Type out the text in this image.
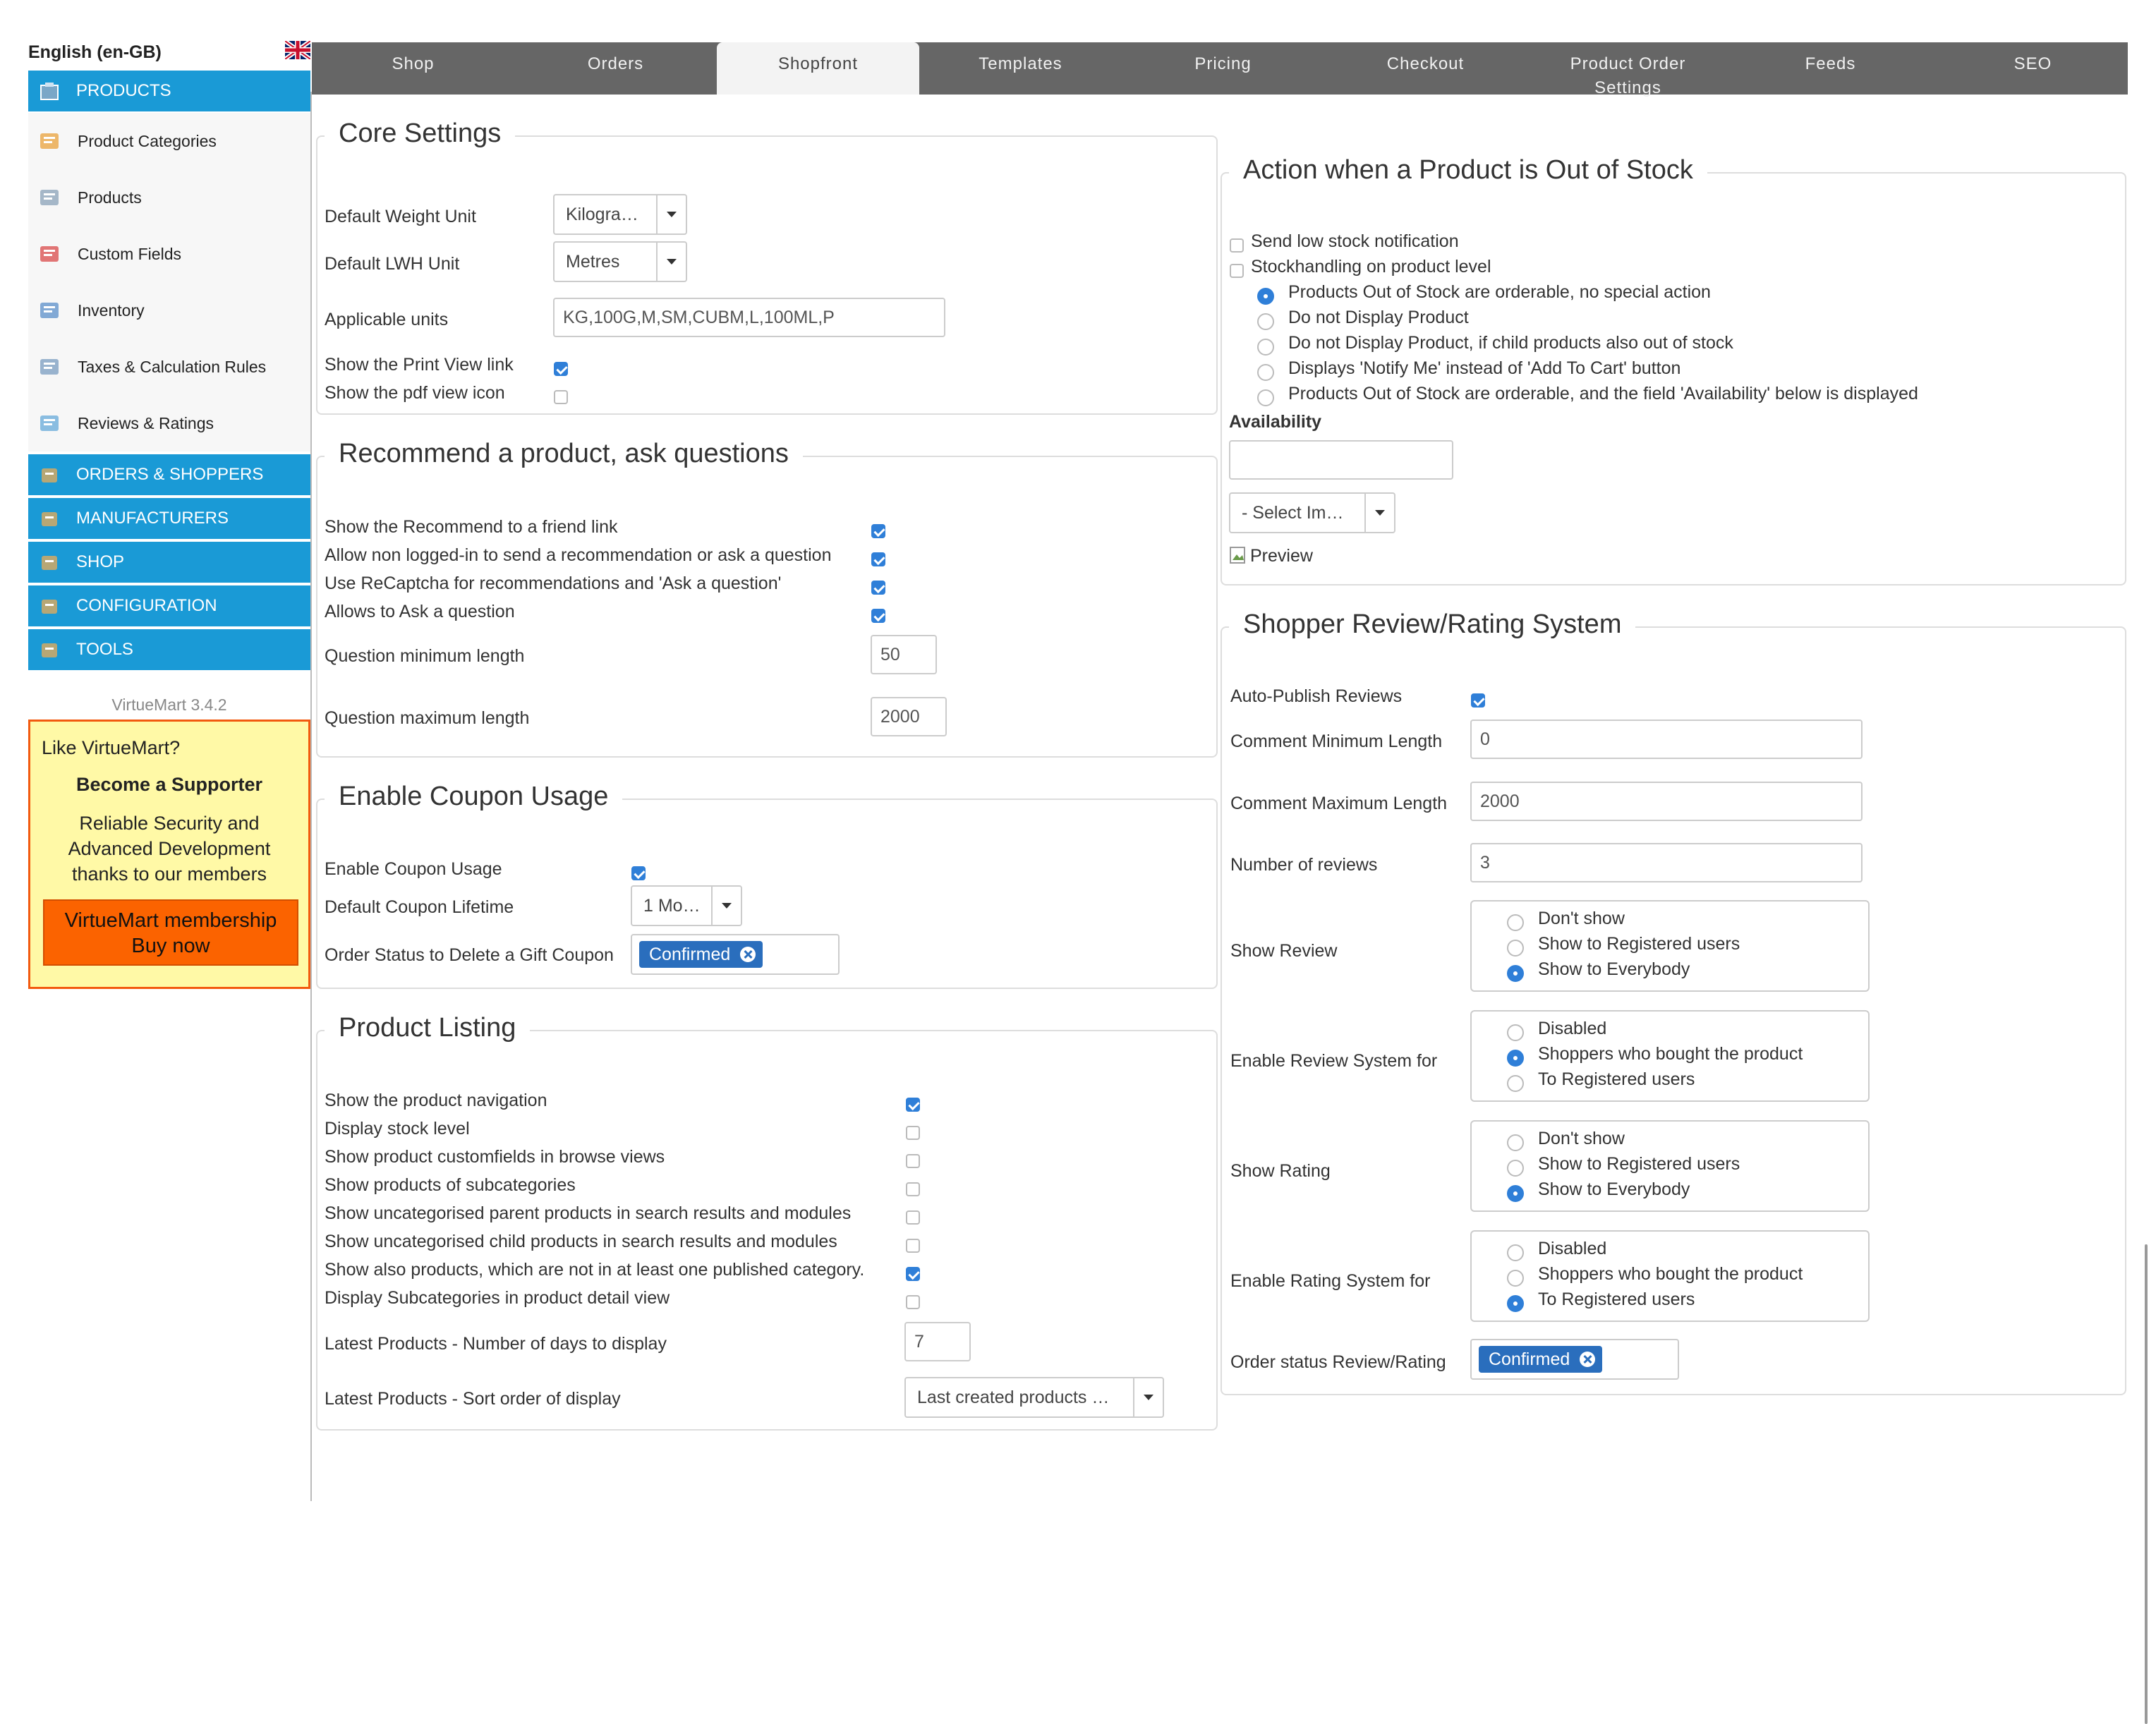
English (en-GB)
PRODUCTS
Product Categories
Products
Custom Fields
Inventory
Taxes & Calculation Rules
Reviews & Ratings
ORDERS & SHOPPERS
MANUFACTURERS
SHOP
CONFIGURATION
TOOLS
VirtueMart 3.4.2
Like VirtueMart?
Become a Supporter
Reliable Security and Advanced Development thanks to our members
VirtueMart membership
Buy now
Shop	Orders	Shopfront	Templates	Pricing	Checkout	Product Order Settings
Feeds	SEO
Core Settings
Default Weight Unit	Kilogra…
Default LWH Unit	Metres
Applicable units	KG,100G,M,SM,CUBM,L,100ML,P
Show the Print View link
Show the pdf view icon
Recommend a product, ask questions
Show the Recommend to a friend link
Allow non logged-in to send a recommendation or ask a question
Use ReCaptcha for recommendations and 'Ask a question'
Allows to Ask a question
Question minimum length	50
Question maximum length	2000
Enable Coupon Usage
Enable Coupon Usage
Default Coupon Lifetime	1 Mo…
Order Status to Delete a Gift Coupon	Confirmed
Product Listing
Show the product navigation
Display stock level
Show product customfields in browse views
Show products of subcategories
Show uncategorised parent products in search results and modules
Show uncategorised child products in search results and modules
Show also products, which are not in at least one published category.
Display Subcategories in product detail view
Latest Products - Number of days to display	7
Latest Products - Sort order of display	Last created products …
Action when a Product is Out of Stock
Send low stock notification
Stockhandling on product level
Products Out of Stock are orderable, no special action
Do not Display Product
Do not Display Product, if child products also out of stock
Displays 'Notify Me' instead of 'Add To Cart' button
Products Out of Stock are orderable, and the field 'Availability' below is displayed
Availability
- Select Im…
Preview
Shopper Review/Rating System
Auto-Publish Reviews
Comment Minimum Length	0
Comment Maximum Length	2000
Number of reviews	3
Show Review
Don't show
Show to Registered users
Show to Everybody
Enable Review System for
Disabled
Shoppers who bought the product
To Registered users
Show Rating
Don't show
Show to Registered users
Show to Everybody
Enable Rating System for
Disabled
Shoppers who bought the product
To Registered users
Order status Review/Rating	Confirmed
